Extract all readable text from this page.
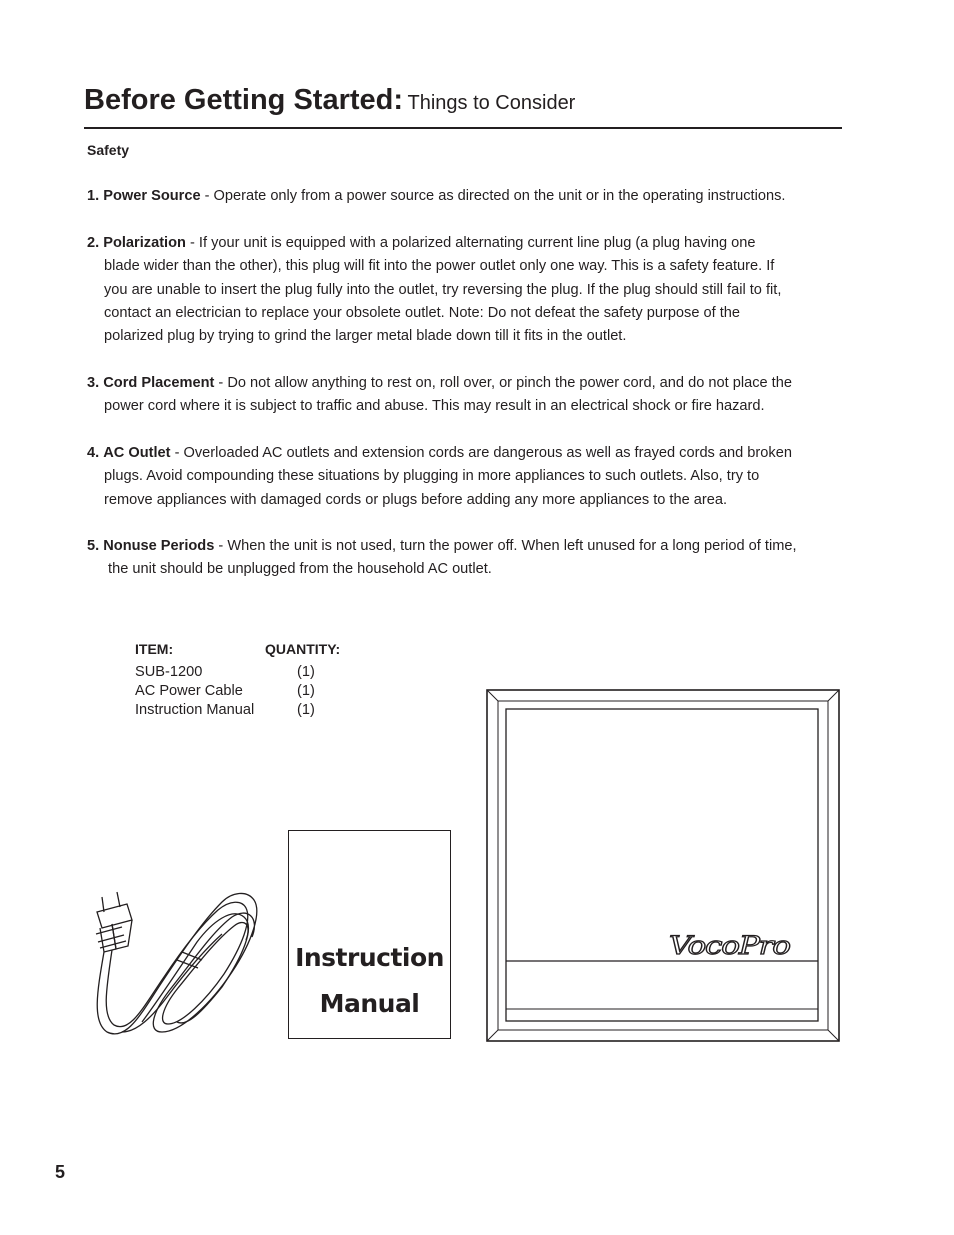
Before Getting Started: Things to Consider
Safety
1. Power Source - Operate only from a power source as directed on the unit or in the operating instructions.
2. Polarization - If your unit is equipped with a polarized alternating current line plug (a plug having one
blade wider than the other), this plug will fit into the power outlet only one way. This is a safety feature. If
you are unable to insert the plug fully into the outlet, try reversing the plug. If the plug should still fail to fit,
contact an electrician to replace your obsolete outlet. Note: Do not defeat the safety purpose of the
polarized plug by trying to grind the larger metal blade down till it fits in the outlet.
3. Cord Placement - Do not allow anything to rest on, roll over, or pinch the power cord, and do not place the
power cord where it is subject to traffic and abuse. This may result in an electrical shock or fire hazard.
4. AC Outlet - Overloaded AC outlets and extension cords are dangerous as well as frayed cords and broken
plugs. Avoid compounding these situations by plugging in more appliances to such outlets. Also, try to
remove appliances with damaged cords or plugs before adding any more appliances to the area.
5. Nonuse Periods - When the unit is not used, turn the power off. When left unused for a long period of time,
the unit should be unplugged from the household AC outlet.
ITEM:	QUANTITY:
SUB-1200	(1)
AC Power Cable	(1)
Instruction Manual	(1)
Instruction
Manual
VocoPro
5
